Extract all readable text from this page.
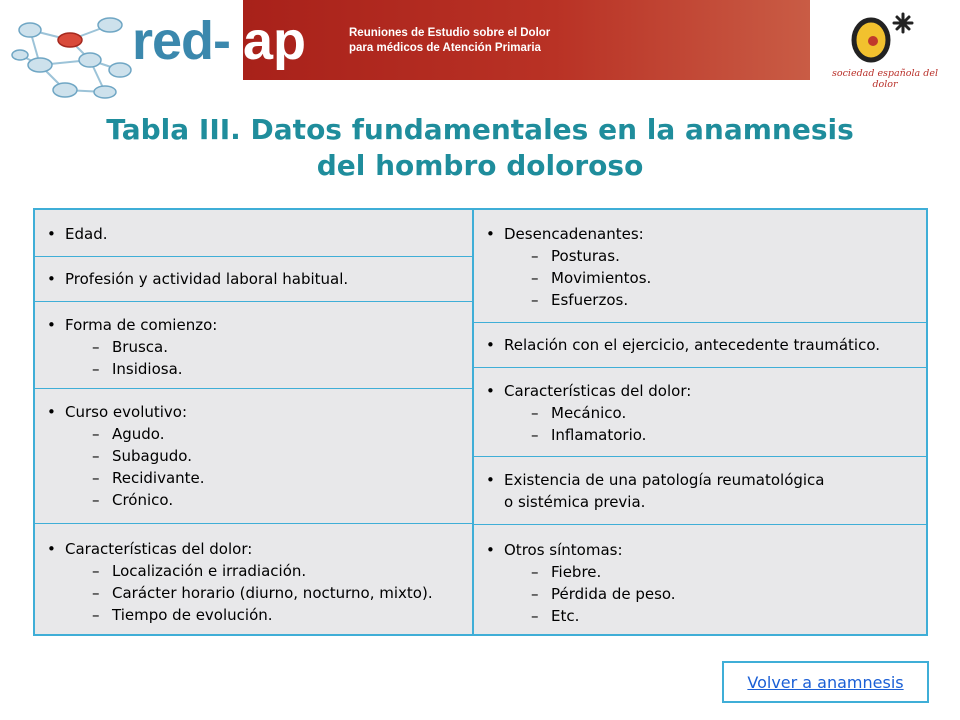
red- ap	Reuniones de Estudio sobre el Dolor
para médicos de Atención Primaria
sociedad española del dolor
Tabla III. Datos fundamentales en la anamnesis
del hombro doloroso
• Edad.
• Profesión y actividad laboral habitual.
• Forma de comienzo:
– Brusca.
– Insidiosa.
• Curso evolutivo:
– Agudo.
– Subagudo.
– Recidivante.
– Crónico.
• Características del dolor:
– Localización e irradiación.
– Carácter horario (diurno, nocturno, mixto).
– Tiempo de evolución.
• Desencadenantes:
– Posturas.
– Movimientos.
– Esfuerzos.
• Relación con el ejercicio, antecedente traumático.
• Características del dolor:
– Mecánico.
– Inflamatorio.
• Existencia de una patología reumatológica
o sistémica previa.
• Otros síntomas:
– Fiebre.
– Pérdida de peso.
– Etc.
Volver a anamnesis
